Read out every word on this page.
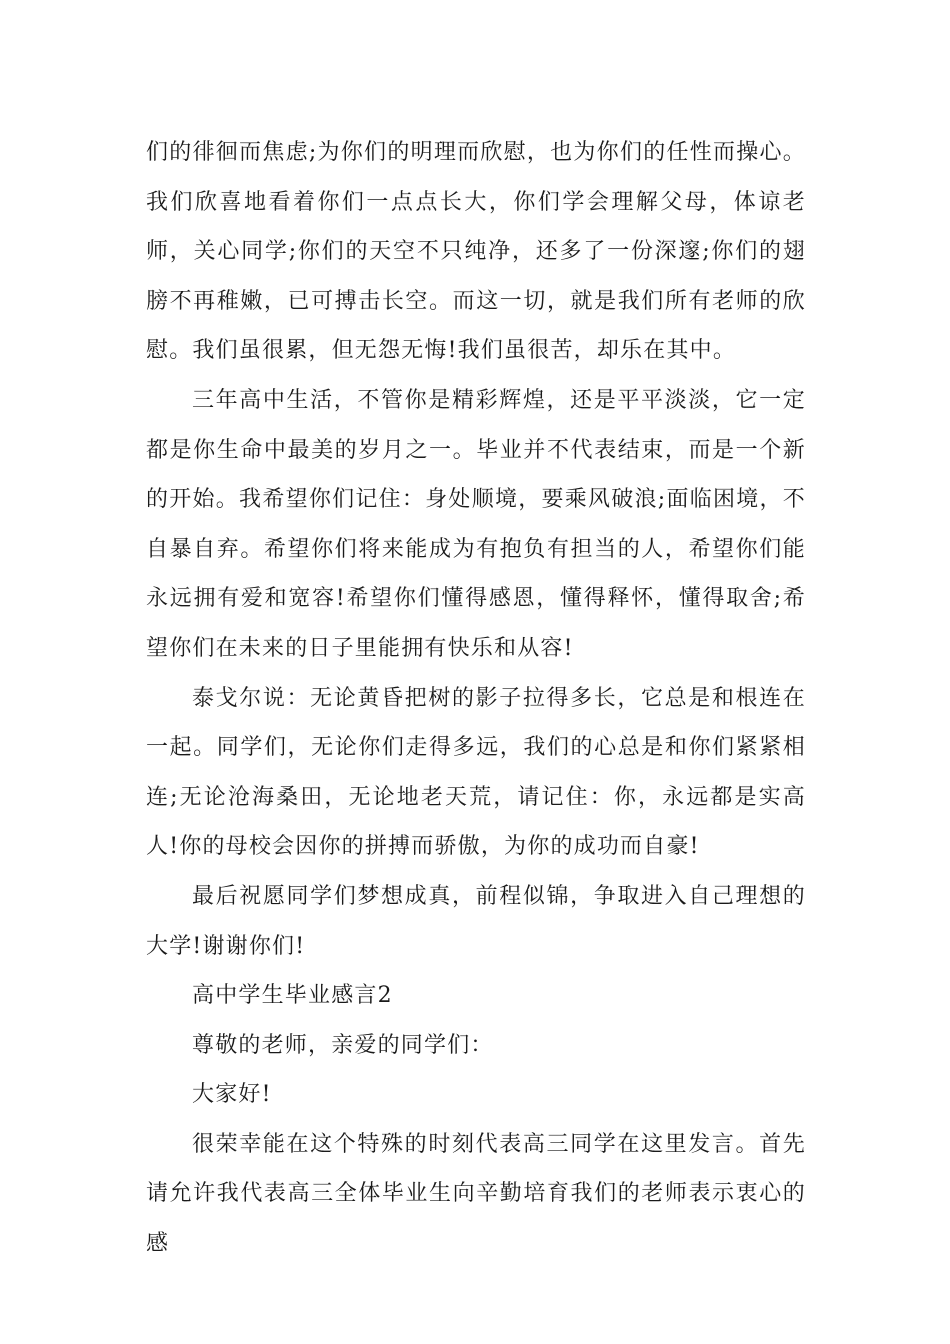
们的徘徊而焦虑;为你们的明理而欣慰，也为你们的任性而操心。我们欣喜地看着你们一点点长大，你们学会理解父母，体谅老师，关心同学;你们的天空不只纯净，还多了一份深邃;你们的翅膀不再稚嫩，已可搏击长空。而这一切，就是我们所有老师的欣慰。我们虽很累，但无怨无悔!我们虽很苦，却乐在其中。

三年高中生活，不管你是精彩辉煌，还是平平淡淡，它一定都是你生命中最美的岁月之一。毕业并不代表结束，而是一个新的开始。我希望你们记住：身处顺境，要乘风破浪;面临困境，不自暴自弃。希望你们将来能成为有抱负有担当的人，希望你们能永远拥有爱和宽容!希望你们懂得感恩，懂得释怀，懂得取舍;希望你们在未来的日子里能拥有快乐和从容!

泰戈尔说：无论黄昏把树的影子拉得多长，它总是和根连在一起。同学们，无论你们走得多远，我们的心总是和你们紧紧相连;无论沧海桑田，无论地老天荒，请记住：你，永远都是实高人!你的母校会因你的拼搏而骄傲，为你的成功而自豪!

最后祝愿同学们梦想成真，前程似锦，争取进入自己理想的大学!谢谢你们!

高中学生毕业感言2

尊敬的老师，亲爱的同学们：

大家好!

很荣幸能在这个特殊的时刻代表高三同学在这里发言。首先请允许我代表高三全体毕业生向辛勤培育我们的老师表示衷心的感
